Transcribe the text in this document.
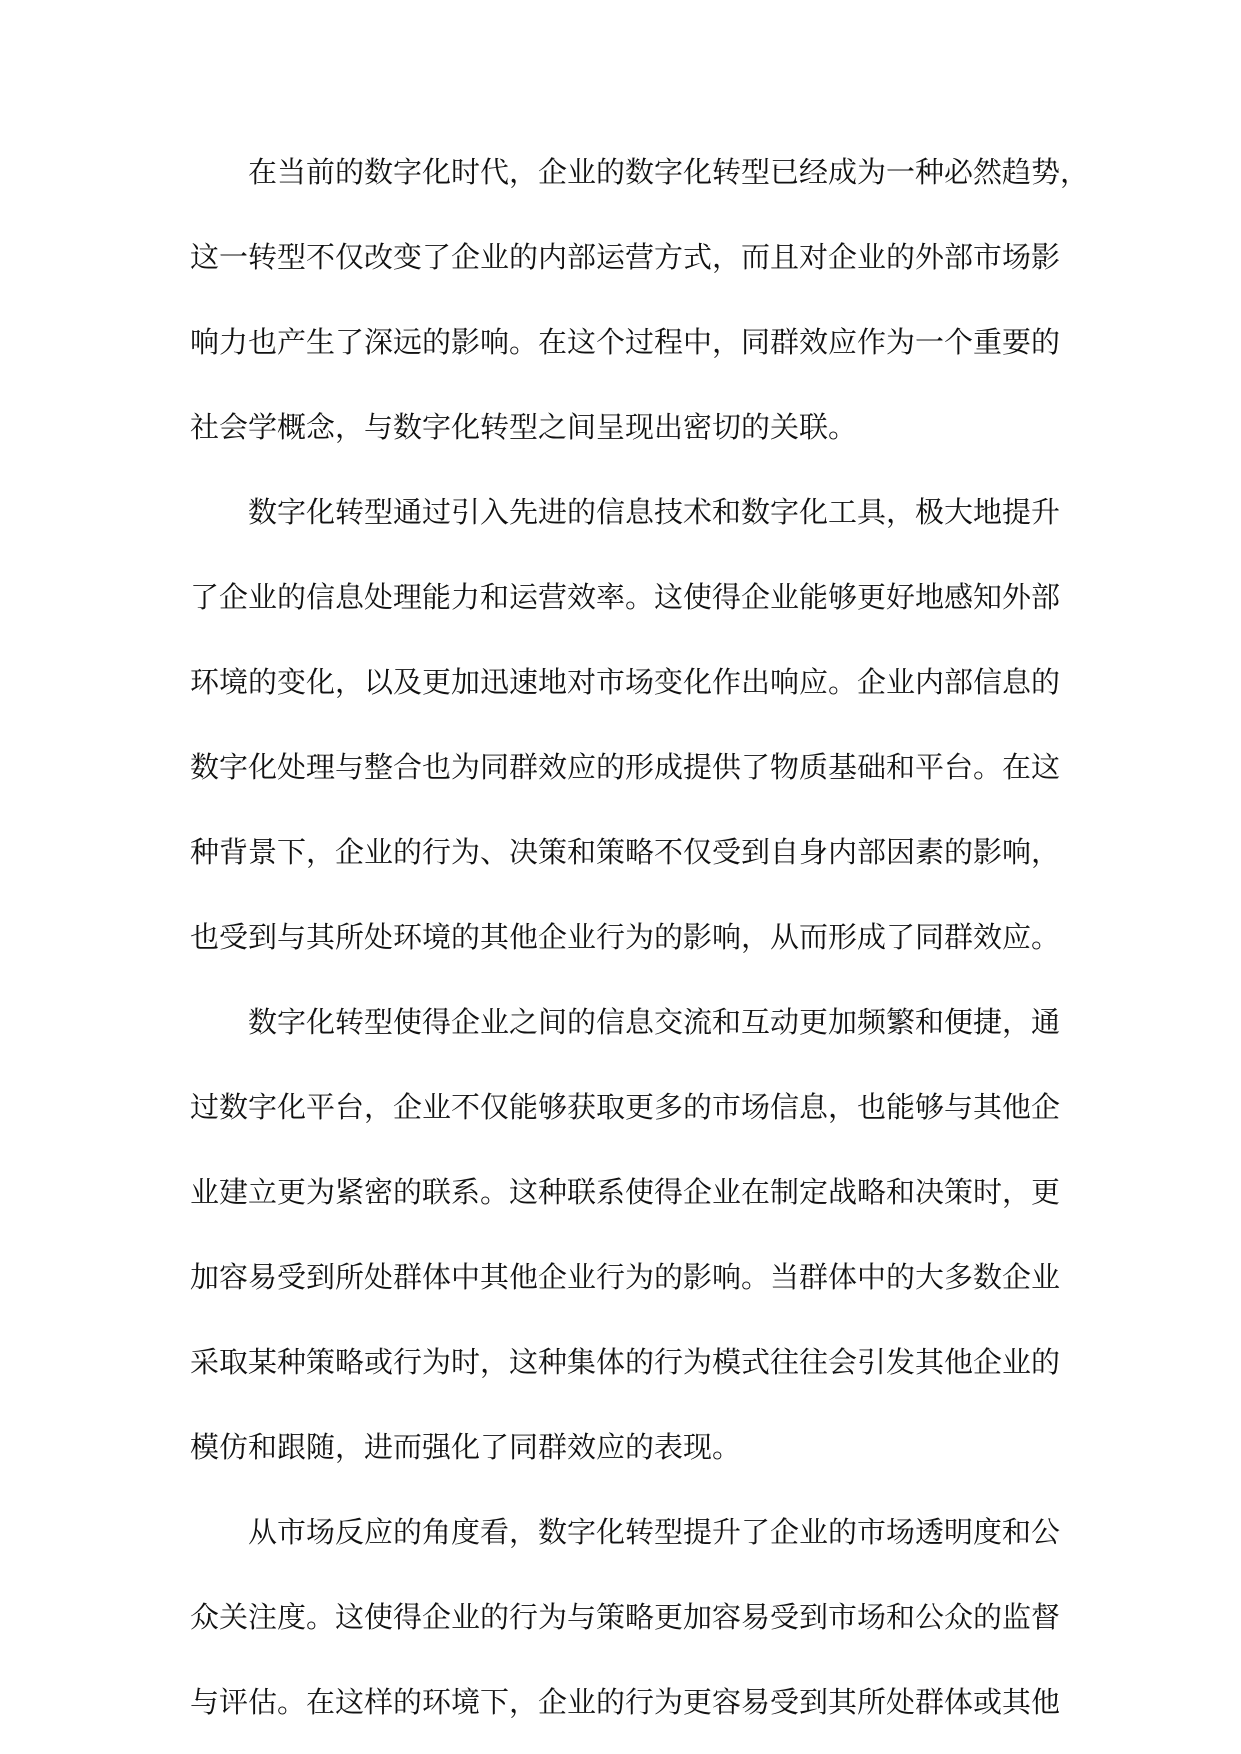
在当前的数字化时代，企业的数字化转型已经成为一种必然趋势，
这一转型不仅改变了企业的内部运营方式，而且对企业的外部市场影
响力也产生了深远的影响。在这个过程中，同群效应作为一个重要的
社会学概念，与数字化转型之间呈现出密切的关联。
数字化转型通过引入先进的信息技术和数字化工具，极大地提升
了企业的信息处理能力和运营效率。这使得企业能够更好地感知外部
环境的变化，以及更加迅速地对市场变化作出响应。企业内部信息的
数字化处理与整合也为同群效应的形成提供了物质基础和平台。在这
种背景下，企业的行为、决策和策略不仅受到自身内部因素的影响，
也受到与其所处环境的其他企业行为的影响，从而形成了同群效应。
数字化转型使得企业之间的信息交流和互动更加频繁和便捷，通
过数字化平台，企业不仅能够获取更多的市场信息，也能够与其他企
业建立更为紧密的联系。这种联系使得企业在制定战略和决策时，更
加容易受到所处群体中其他企业行为的影响。当群体中的大多数企业
采取某种策略或行为时，这种集体的行为模式往往会引发其他企业的
模仿和跟随，进而强化了同群效应的表现。
从市场反应的角度看，数字化转型提升了企业的市场透明度和公
众关注度。这使得企业的行为与策略更加容易受到市场和公众的监督
与评估。在这样的环境下，企业的行为更容易受到其所处群体或其他
